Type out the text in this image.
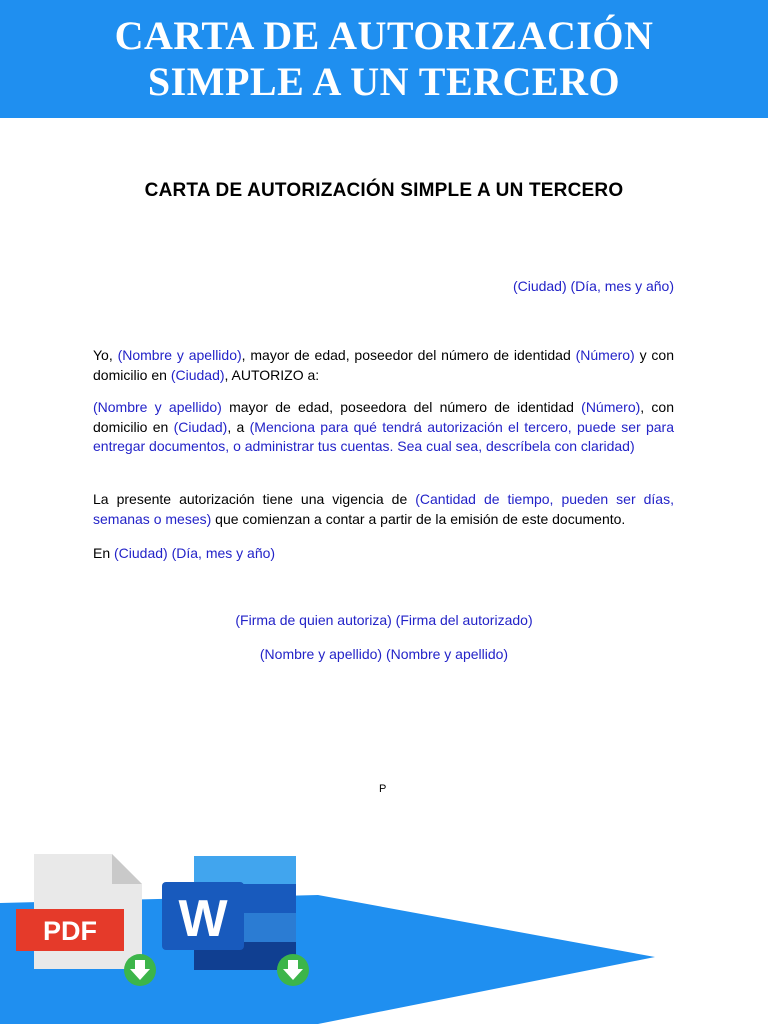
CARTA DE AUTORIZACIÓN
SIMPLE A UN TERCERO
CARTA DE AUTORIZACIÓN SIMPLE A UN TERCERO
(Ciudad) (Día, mes y año)
Yo, (Nombre y apellido), mayor de edad, poseedor del número de identidad (Número) y con domicilio en (Ciudad), AUTORIZO a:
(Nombre y apellido) mayor de edad, poseedora del número de identidad (Número), con domicilio en (Ciudad), a (Menciona para qué tendrá autorización el tercero, puede ser para entregar documentos, o administrar tus cuentas. Sea cual sea, descríbela con claridad)
La presente autorización tiene una vigencia de (Cantidad de tiempo, pueden ser días, semanas o meses) que comienzan a contar a partir de la emisión de este documento.
En (Ciudad) (Día, mes y año)
(Firma de quien autoriza) (Firma del autorizado)
(Nombre y apellido) (Nombre y apellido)
P
PDF W
